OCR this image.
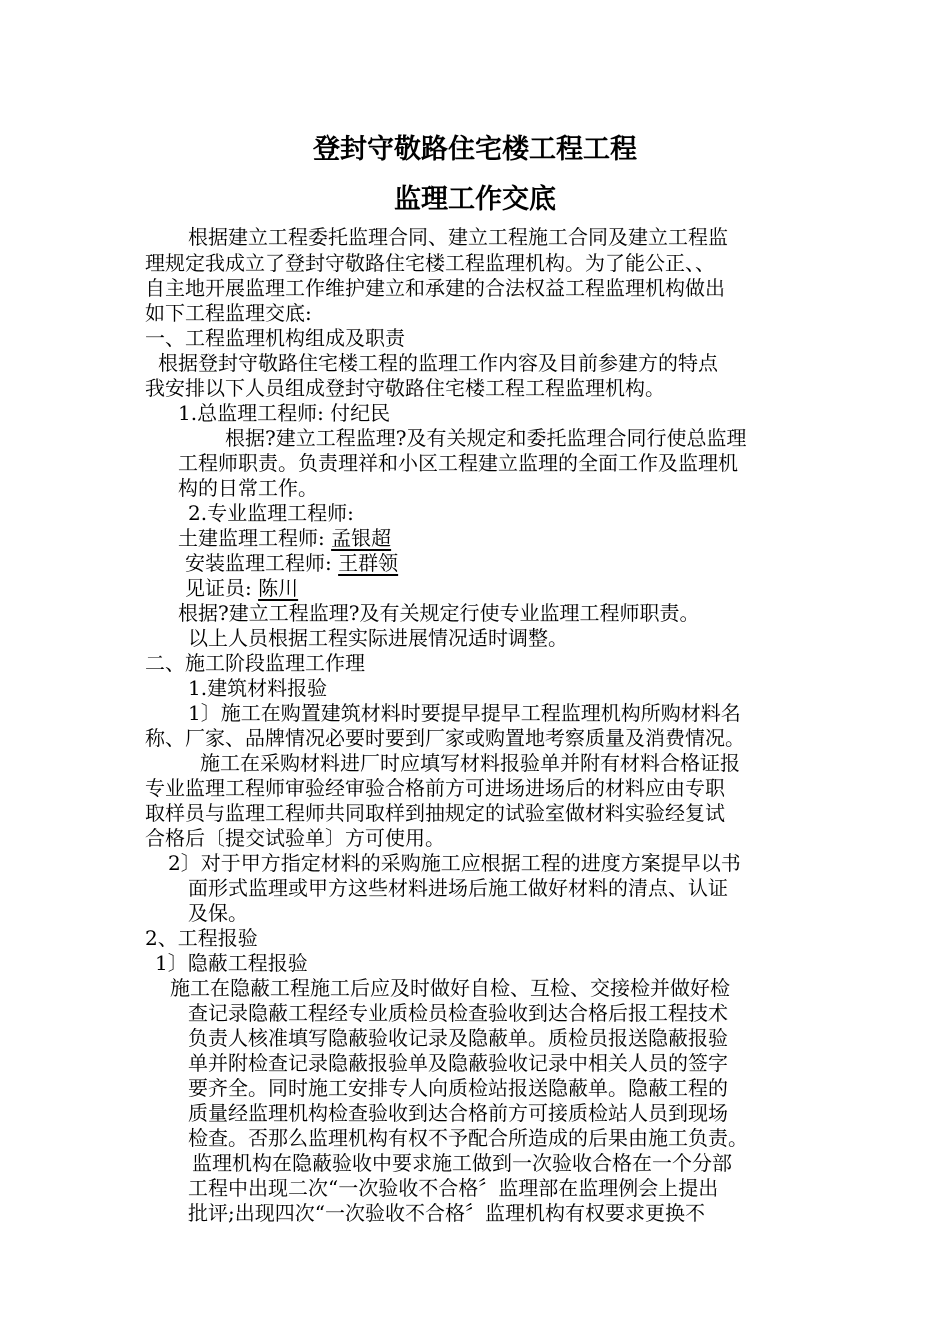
登封守敬路住宅楼工程工程
监理工作交底
根据建立工程委托监理合同、建立工程施工合同及建立工程监
理规定我成立了登封守敬路住宅楼工程监理机构。为了能公正、、
自主地开展监理工作维护建立和承建的合法权益工程监理机构做出
如下工程监理交底:
一、工程监理机构组成及职责
根据登封守敬路住宅楼工程的监理工作内容及目前参建方的特点
我安排以下人员组成登封守敬路住宅楼工程工程监理机构。
1.总监理工程师: 付纪民
根据?建立工程监理?及有关规定和委托监理合同行使总监理
工程师职责。负责理祥和小区工程建立监理的全面工作及监理机
构的日常工作。
2.专业监理工程师:
土建监理工程师: 孟银超
安装监理工程师: 王群领
见证员: 陈川
根据?建立工程监理?及有关规定行使专业监理工程师职责。
以上人员根据工程实际进展情况适时调整。
二、施工阶段监理工作理
1.建筑材料报验
1〕施工在购置建筑材料时要提早提早工程监理机构所购材料名
称、厂家、品牌情况必要时要到厂家或购置地考察质量及消费情况。
施工在采购材料进厂时应填写材料报验单并附有材料合格证报
专业监理工程师审验经审验合格前方可进场进场后的材料应由专职
取样员与监理工程师共同取样到抽规定的试验室做材料实验经复试
合格后〔提交试验单〕方可使用。
2〕对于甲方指定材料的采购施工应根据工程的进度方案提早以书
面形式监理或甲方这些材料进场后施工做好材料的清点、认证
及保。
2、工程报验
1〕隐蔽工程报验
施工在隐蔽工程施工后应及时做好自检、互检、交接检并做好检
查记录隐蔽工程经专业质检员检查验收到达合格后报工程技术
负责人核准填写隐蔽验收记录及隐蔽单。质检员报送隐蔽报验
单并附检查记录隐蔽报验单及隐蔽验收记录中相关人员的签字
要齐全。同时施工安排专人向质检站报送隐蔽单。隐蔽工程的
质量经监理机构检查验收到达合格前方可接质检站人员到现场
检查。否那么监理机构有权不予配合所造成的后果由施工负责。
监理机构在隐蔽验收中要求施工做到一次验收合格在一个分部
工程中出现二次“一次验收不合格〞监理部在监理例会上提出
批评;出现四次“一次验收不合格〞监理机构有权要求更换不
